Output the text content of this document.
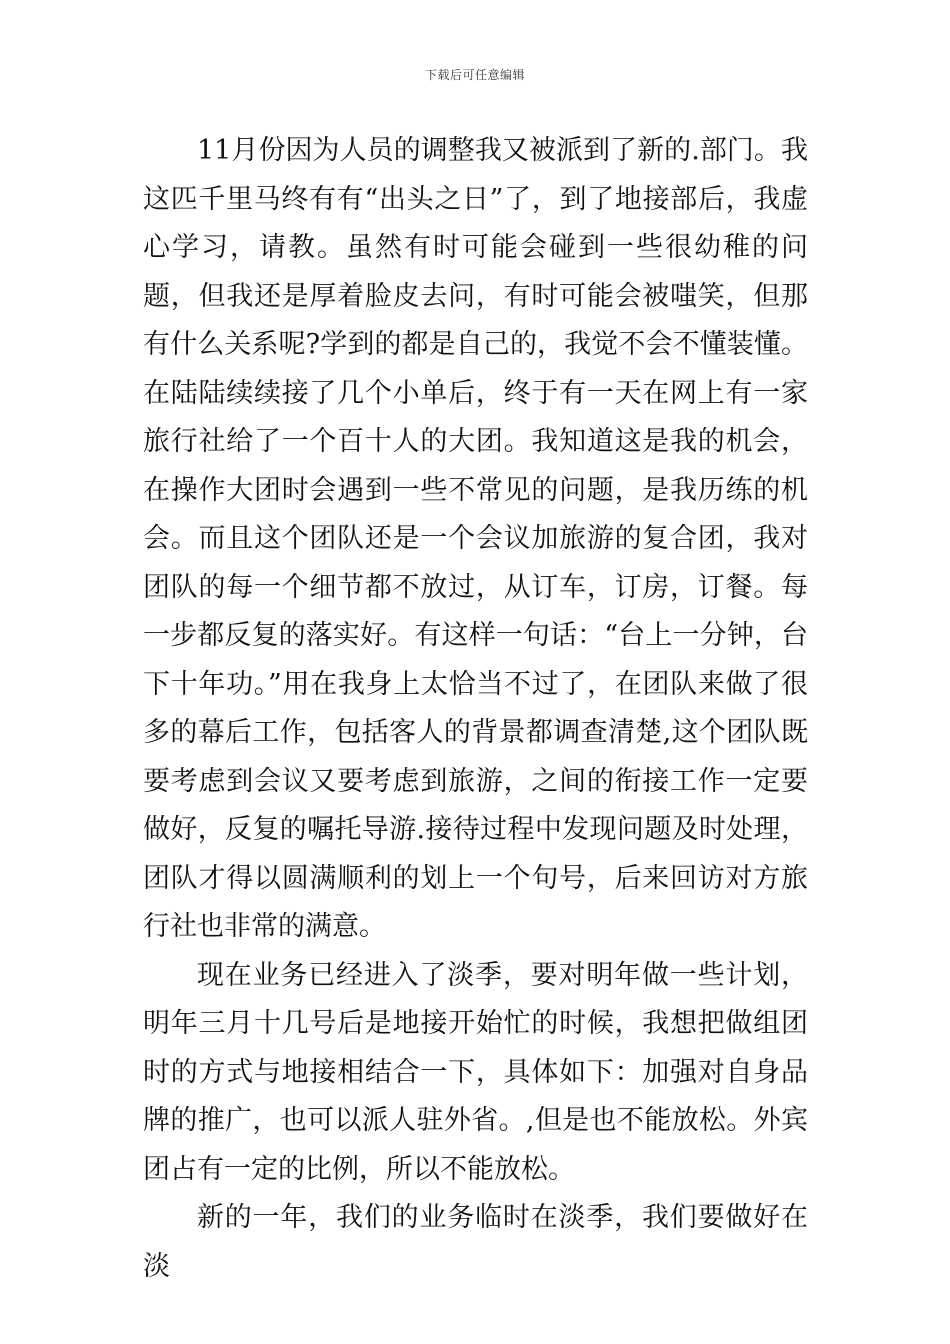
下载后可任意编辑

11月份因为人员的调整我又被派到了新的.部门。我这匹千里马终有有“出头之日”了，到了地接部后，我虚心学习，请教。虽然有时可能会碰到一些很幼稚的问题，但我还是厚着脸皮去问，有时可能会被嗤笑，但那有什么关系呢?学到的都是自己的，我觉不会不懂装懂。在陆陆续续接了几个小单后，终于有一天在网上有一家旅行社给了一个百十人的大团。我知道这是我的机会，在操作大团时会遇到一些不常见的问题，是我历练的机会。而且这个团队还是一个会议加旅游的复合团，我对团队的每一个细节都不放过，从订车，订房，订餐。每一步都反复的落实好。有这样一句话：“台上一分钟，台下十年功。”用在我身上太恰当不过了，在团队来做了很多的幕后工作，包括客人的背景都调查清楚,这个团队既要考虑到会议又要考虑到旅游，之间的衔接工作一定要做好，反复的嘱托导游.接待过程中发现问题及时处理，团队才得以圆满顺利的划上一个句号，后来回访对方旅行社也非常的满意。

现在业务已经进入了淡季，要对明年做一些计划，明年三月十几号后是地接开始忙的时候，我想把做组团时的方式与地接相结合一下，具体如下：加强对自身品牌的推广，也可以派人驻外省。,但是也不能放松。外宾团占有一定的比例，所以不能放松。

新的一年，我们的业务临时在淡季，我们要做好在淡
